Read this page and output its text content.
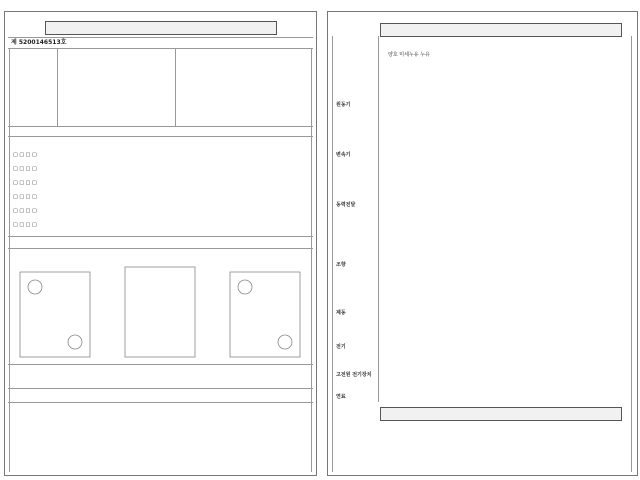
제 5200146513호
□ □ □ □
□ □ □ □
□ □ □ □
□ □ □ □
□ □ □ □
□ □ □ □
원동기
변속기
동력전달
조향
제동
전기
고전원 전기장치
연료
양호 미세누유 누유
